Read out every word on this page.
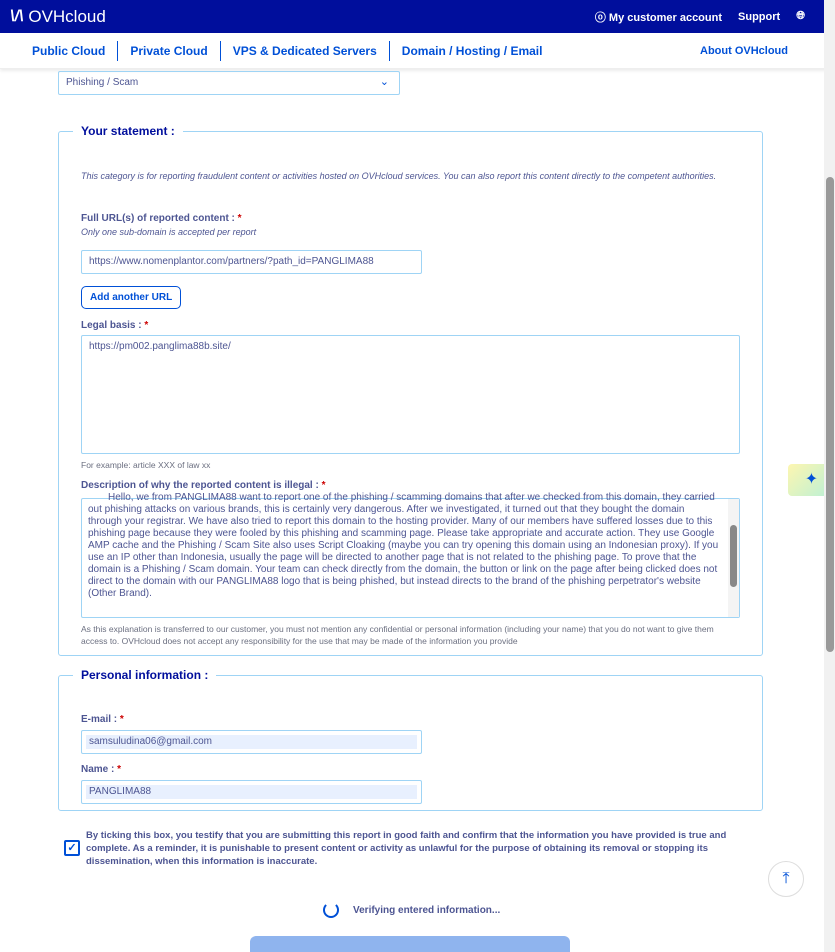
\/\ OVHcloud	ⓞ My customer account Support 🌐︎
Public Cloud	Private Cloud	VPS & Dedicated Servers	Domain / Hosting / Email	About OVHcloud
Phishing / Scam	⌄
Your statement :
This category is for reporting fraudulent content or activities hosted on OVHcloud services. You can also report this content directly to the competent authorities.
Full URL(s) of reported content : *
Only one sub-domain is accepted per report
https://www.nomenplantor.com/partners/?path_id=PANGLIMA88
Add another URL
Legal basis : *
https://pm002.panglima88b.site/
For example: article XXX of law xx
Description of why the reported content is illegal : *
Hello, we from PANGLIMA88 want to report one of the phishing / scamming domains that after we checked from this domain, they carried out phishing attacks on various brands, this is certainly very dangerous. After we investigated, it turned out that they bought the domain through your registrar. We have also tried to report this domain to the hosting provider. Many of our members have suffered losses due to this phishing page because they were fooled by this phishing and scamming page. Please take appropriate and accurate action. They use Google AMP cache and the Phishing / Scam Site also uses Script Cloaking (maybe you can try opening this domain using an Indonesian proxy). If you use an IP other than Indonesia, usually the page will be directed to another page that is not related to the phishing page. To prove that the domain is a Phishing / Scam domain. Your team can check directly from the domain, the button or link on the page after being clicked does not direct to the domain with our PANGLIMA88 logo that is being phished, but instead directs to the brand of the phishing perpetrator's website (Other Brand).
As this explanation is transferred to our customer, you must not mention any confidential or personal information (including your name) that you do not want to give them access to. OVHcloud does not accept any responsibility for the use that may be made of the information you provide
Personal information :
E-mail : *
samsuludina06@gmail.com
Name : *
PANGLIMA88
✓
By ticking this box, you testify that you are submitting this report in good faith and confirm that the information you have provided is true and complete. As a reminder, it is punishable to present content or activity as unlawful for the purpose of obtaining its removal or stopping its dissemination, when this information is inaccurate.
⤒
✦
Verifying entered information...
